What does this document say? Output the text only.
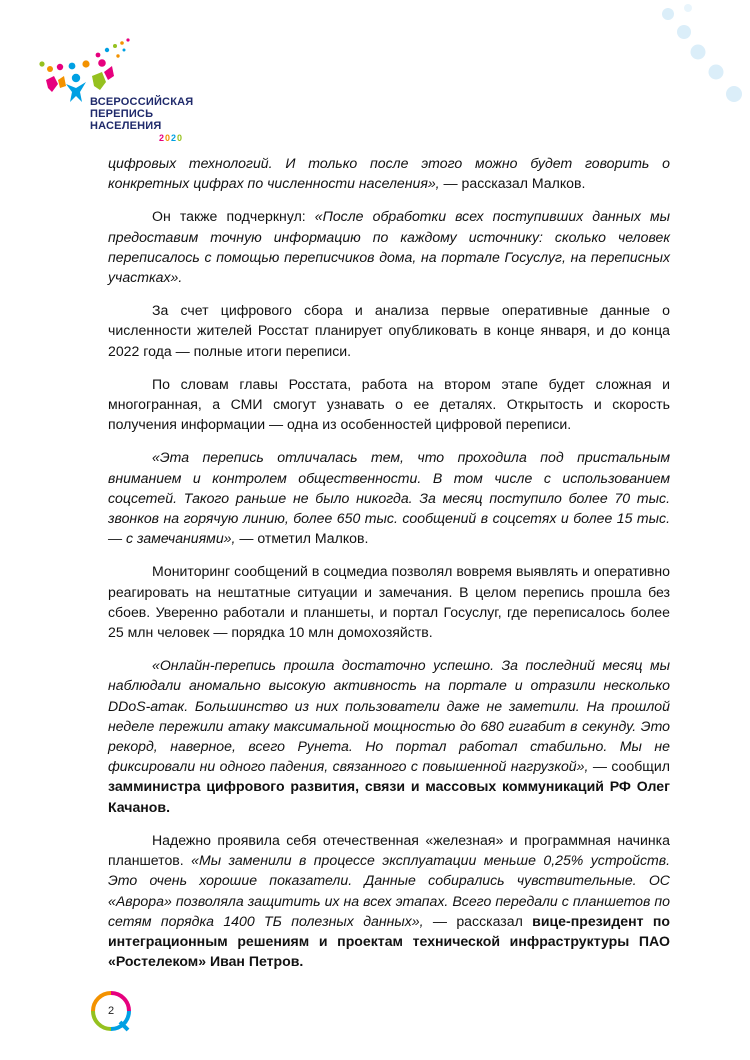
ВСЕРОССИЙСКАЯ
ПЕРЕПИСЬ
НАСЕЛЕНИЯ
2020

цифровых технологий. И только после этого можно будет говорить о конкретных цифрах по численности населения», — рассказал Малков.

Он также подчеркнул: «После обработки всех поступивших данных мы предоставим точную информацию по каждому источнику: сколько человек переписалось с помощью переписчиков дома, на портале Госуслуг, на переписных участках».

За счет цифрового сбора и анализа первые оперативные данные о численности жителей Росстат планирует опубликовать в конце января, и до конца 2022 года — полные итоги переписи.

По словам главы Росстата, работа на втором этапе будет сложная и многогранная, а СМИ смогут узнавать о ее деталях. Открытость и скорость получения информации — одна из особенностей цифровой переписи.

«Эта перепись отличалась тем, что проходила под пристальным вниманием и контролем общественности. В том числе с использованием соцсетей. Такого раньше не было никогда. За месяц поступило более 70 тыс. звонков на горячую линию, более 650 тыс. сообщений в соцсетях и более 15 тыс. — с замечаниями», — отметил Малков.

Мониторинг сообщений в соцмедиа позволял вовремя выявлять и оперативно реагировать на нештатные ситуации и замечания. В целом перепись прошла без сбоев. Уверенно работали и планшеты, и портал Госуслуг, где переписалось более 25 млн человек — порядка 10 млн домохозяйств.

«Онлайн-перепись прошла достаточно успешно. За последний месяц мы наблюдали аномально высокую активность на портале и отразили несколько DDoS-атак. Большинство из них пользователи даже не заметили. На прошлой неделе пережили атаку максимальной мощностью до 680 гигабит в секунду. Это рекорд, наверное, всего Рунета. Но портал работал стабильно. Мы не фиксировали ни одного падения, связанного с повышенной нагрузкой», — сообщил замминистра цифрового развития, связи и массовых коммуникаций РФ Олег Качанов.

Надежно проявила себя отечественная «железная» и программная начинка планшетов. «Мы заменили в процессе эксплуатации меньше 0,25% устройств. Это очень хорошие показатели. Данные собирались чувствительные. ОС «Аврора» позволяла защитить их на всех этапах. Всего передали с планшетов по сетям порядка 1400 ТБ полезных данных», — рассказал вице-президент по интеграционным решениям и проектам технической инфраструктуры ПАО «Ростелеком» Иван Петров.

2
